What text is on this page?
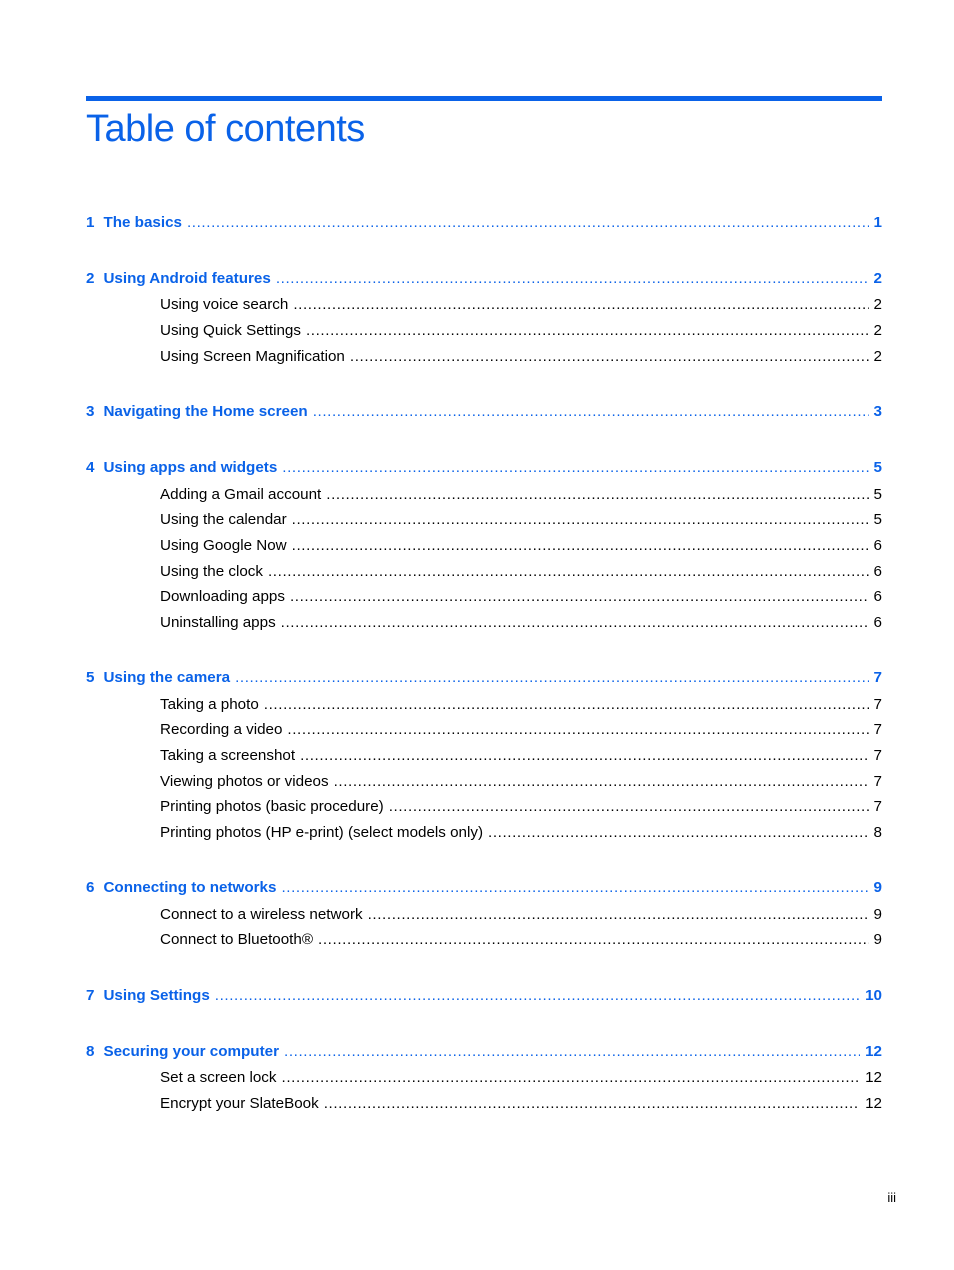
Table of contents
1 The basics .....	1
2 Using Android features .....	2
Using voice search .....	2
Using Quick Settings .....	2
Using Screen Magnification .....	2
3 Navigating the Home screen .....	3
4 Using apps and widgets .....	5
Adding a Gmail account .....	5
Using the calendar .....	5
Using Google Now .....	6
Using the clock .....	6
Downloading apps .....	6
Uninstalling apps .....	6
5 Using the camera .....	7
Taking a photo .....	7
Recording a video .....	7
Taking a screenshot .....	7
Viewing photos or videos .....	7
Printing photos (basic procedure) .....	7
Printing photos (HP e-print) (select models only) .....	8
6 Connecting to networks .....	9
Connect to a wireless network .....	9
Connect to Bluetooth® .....	9
7 Using Settings .....	10
8 Securing your computer .....	12
Set a screen lock .....	12
Encrypt your SlateBook .....	12
iii
